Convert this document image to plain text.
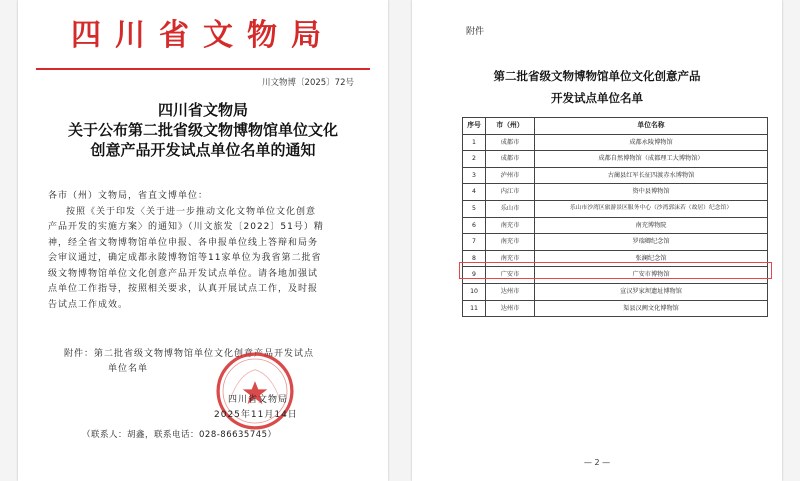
四川省文物局
川文物博〔2025〕72号
四川省文物局
关于公布第二批省级文物博物馆单位文化
创意产品开发试点单位名单的通知
各市（州）文物局，省直文博单位：
按照《关于印发〈关于进一步推动文化文物单位文化创意
产品开发的实施方案〉的通知》（川文旅发〔2022〕51号）精
神，经全省文物博物馆单位申报、各申报单位线上答辩和局务
会审议通过，确定成都永陵博物馆等11家单位为我省第二批省
级文物博物馆单位文化创意产品开发试点单位。请各地加强试
点单位工作指导，按照相关要求，认真开展试点工作，及时报
告试点工作成效。
附件：第二批省级文物博物馆单位文化创意产品开发试点
单位名单
四川省文物局
2025年11月14日
（联系人：胡鑫，联系电话：028-86635745）
附件
第二批省级文物博物馆单位文化创意产品
开发试点单位名单
序号	市（州）	单位名称
1	成都市	成都永陵博物馆
2	成都市	成都自然博物馆（成都理工大博物馆）
3	泸州市	古蔺县红军长征四渡赤水博物馆
4	内江市	资中县博物馆
5	乐山市	乐山市沙湾区旅游景区服务中心（沙湾郭沫若（故居）纪念馆）
6	南充市	南充博物院
7	南充市	罗瑞卿纪念馆
8	南充市	张澜纪念馆
9	广安市	广安市博物馆
10	达州市	宣汉罗家坝遗址博物馆
11	达州市	渠县汉阙文化博物馆
— 2 —
